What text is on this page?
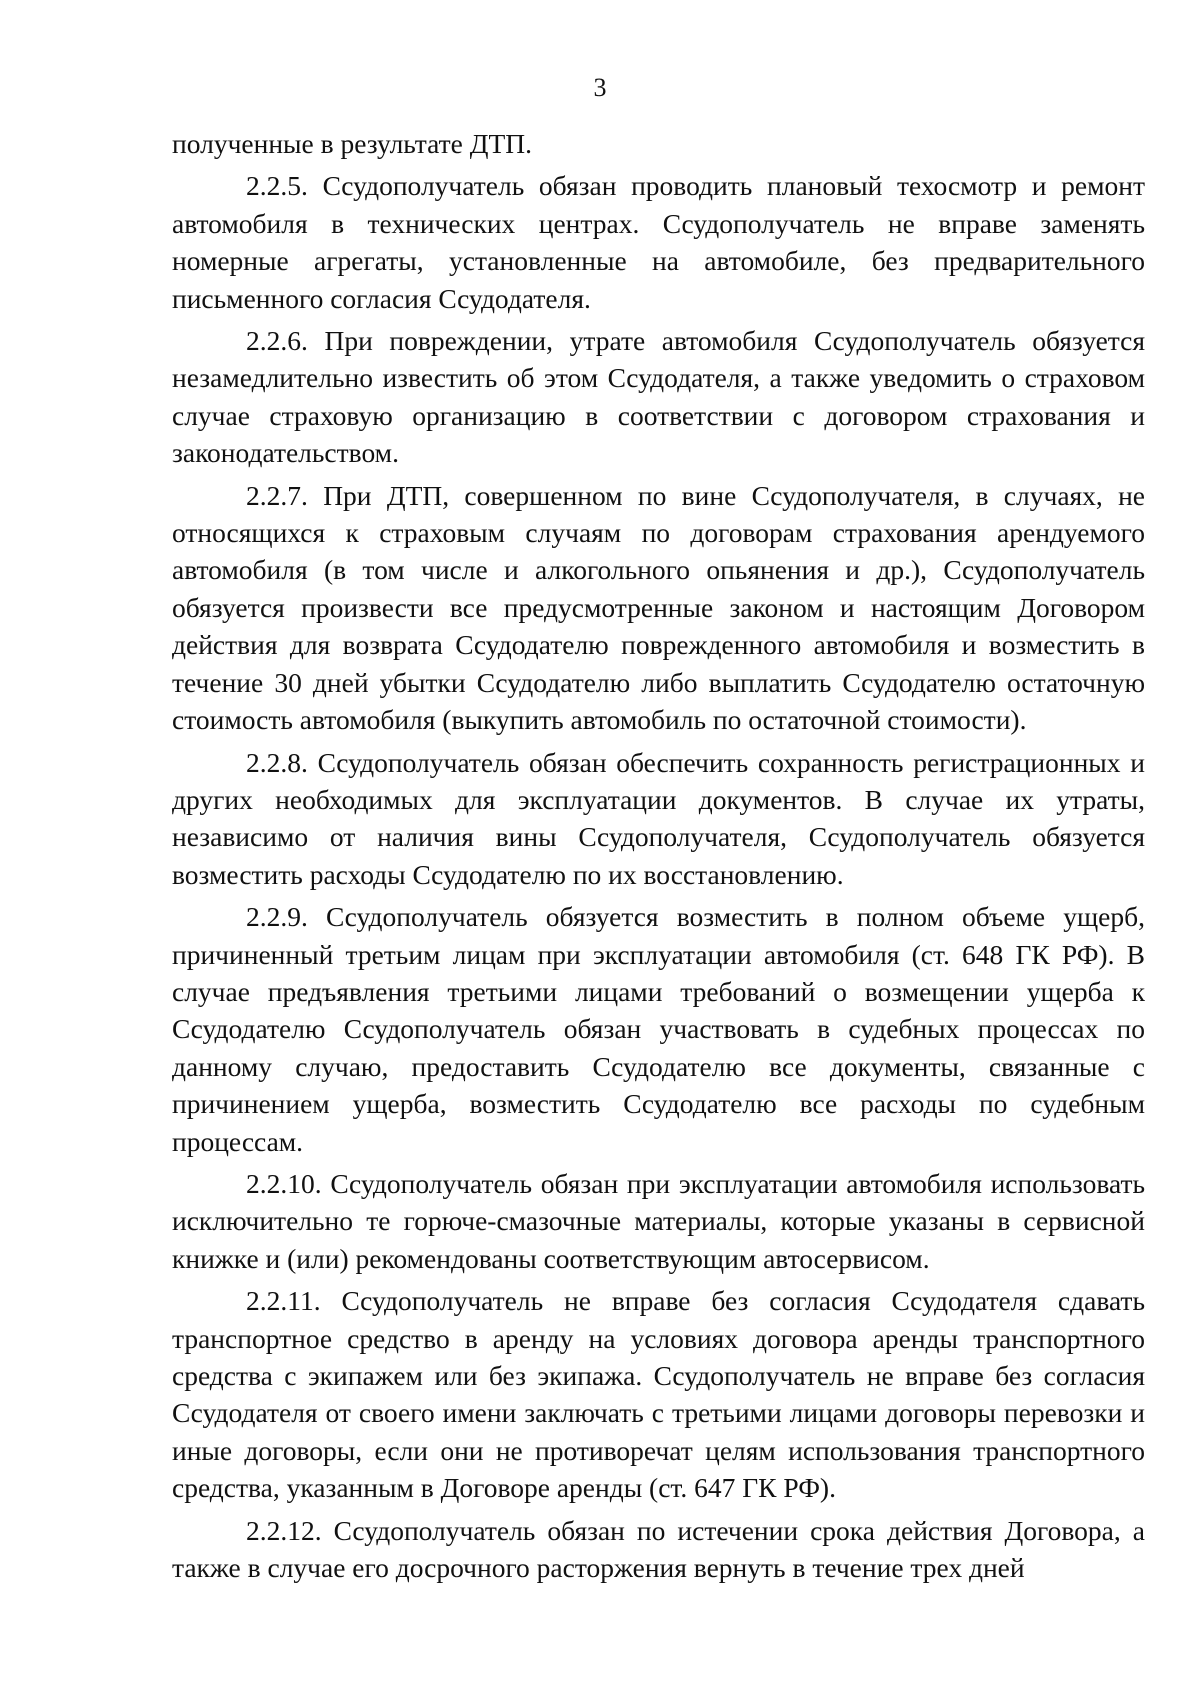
3

полученные в результате ДТП.

2.2.5. Ссудополучатель обязан проводить плановый техосмотр и ремонт автомобиля в технических центрах. Ссудополучатель не вправе заменять номерные агрегаты, установленные на автомобиле, без предварительного письменного согласия Ссудодателя.

2.2.6. При повреждении, утрате автомобиля Ссудополучатель обязуется незамедлительно известить об этом Ссудодателя, а также уведомить о страховом случае страховую организацию в соответствии с договором страхования и законодательством.

2.2.7. При ДТП, совершенном по вине Ссудополучателя, в случаях, не относящихся к страховым случаям по договорам страхования арендуемого автомобиля (в том числе и алкогольного опьянения и др.), Ссудополучатель обязуется произвести все предусмотренные законом и настоящим Договором действия для возврата Ссудодателю поврежденного автомобиля и возместить в течение 30 дней убытки Ссудодателю либо выплатить Ссудодателю остаточную стоимость автомобиля (выкупить автомобиль по остаточной стоимости).

2.2.8. Ссудополучатель обязан обеспечить сохранность регистрационных и других необходимых для эксплуатации документов. В случае их утраты, независимо от наличия вины Ссудополучателя, Ссудополучатель обязуется возместить расходы Ссудодателю по их восстановлению.

2.2.9. Ссудополучатель обязуется возместить в полном объеме ущерб, причиненный третьим лицам при эксплуатации автомобиля (ст. 648 ГК РФ). В случае предъявления третьими лицами требований о возмещении ущерба к Ссудодателю Ссудополучатель обязан участвовать в судебных процессах по данному случаю, предоставить Ссудодателю все документы, связанные с причинением ущерба, возместить Ссудодателю все расходы по судебным процессам.

2.2.10. Ссудополучатель обязан при эксплуатации автомобиля использовать исключительно те горюче-смазочные материалы, которые указаны в сервисной книжке и (или) рекомендованы соответствующим автосервисом.

2.2.11. Ссудополучатель не вправе без согласия Ссудодателя сдавать транспортное средство в аренду на условиях договора аренды транспортного средства с экипажем или без экипажа. Ссудополучатель не вправе без согласия Ссудодателя от своего имени заключать с третьими лицами договоры перевозки и иные договоры, если они не противоречат целям использования транспортного средства, указанным в Договоре аренды (ст. 647 ГК РФ).

2.2.12. Ссудополучатель обязан по истечении срока действия Договора, а также в случае его досрочного расторжения вернуть в течение трех дней
